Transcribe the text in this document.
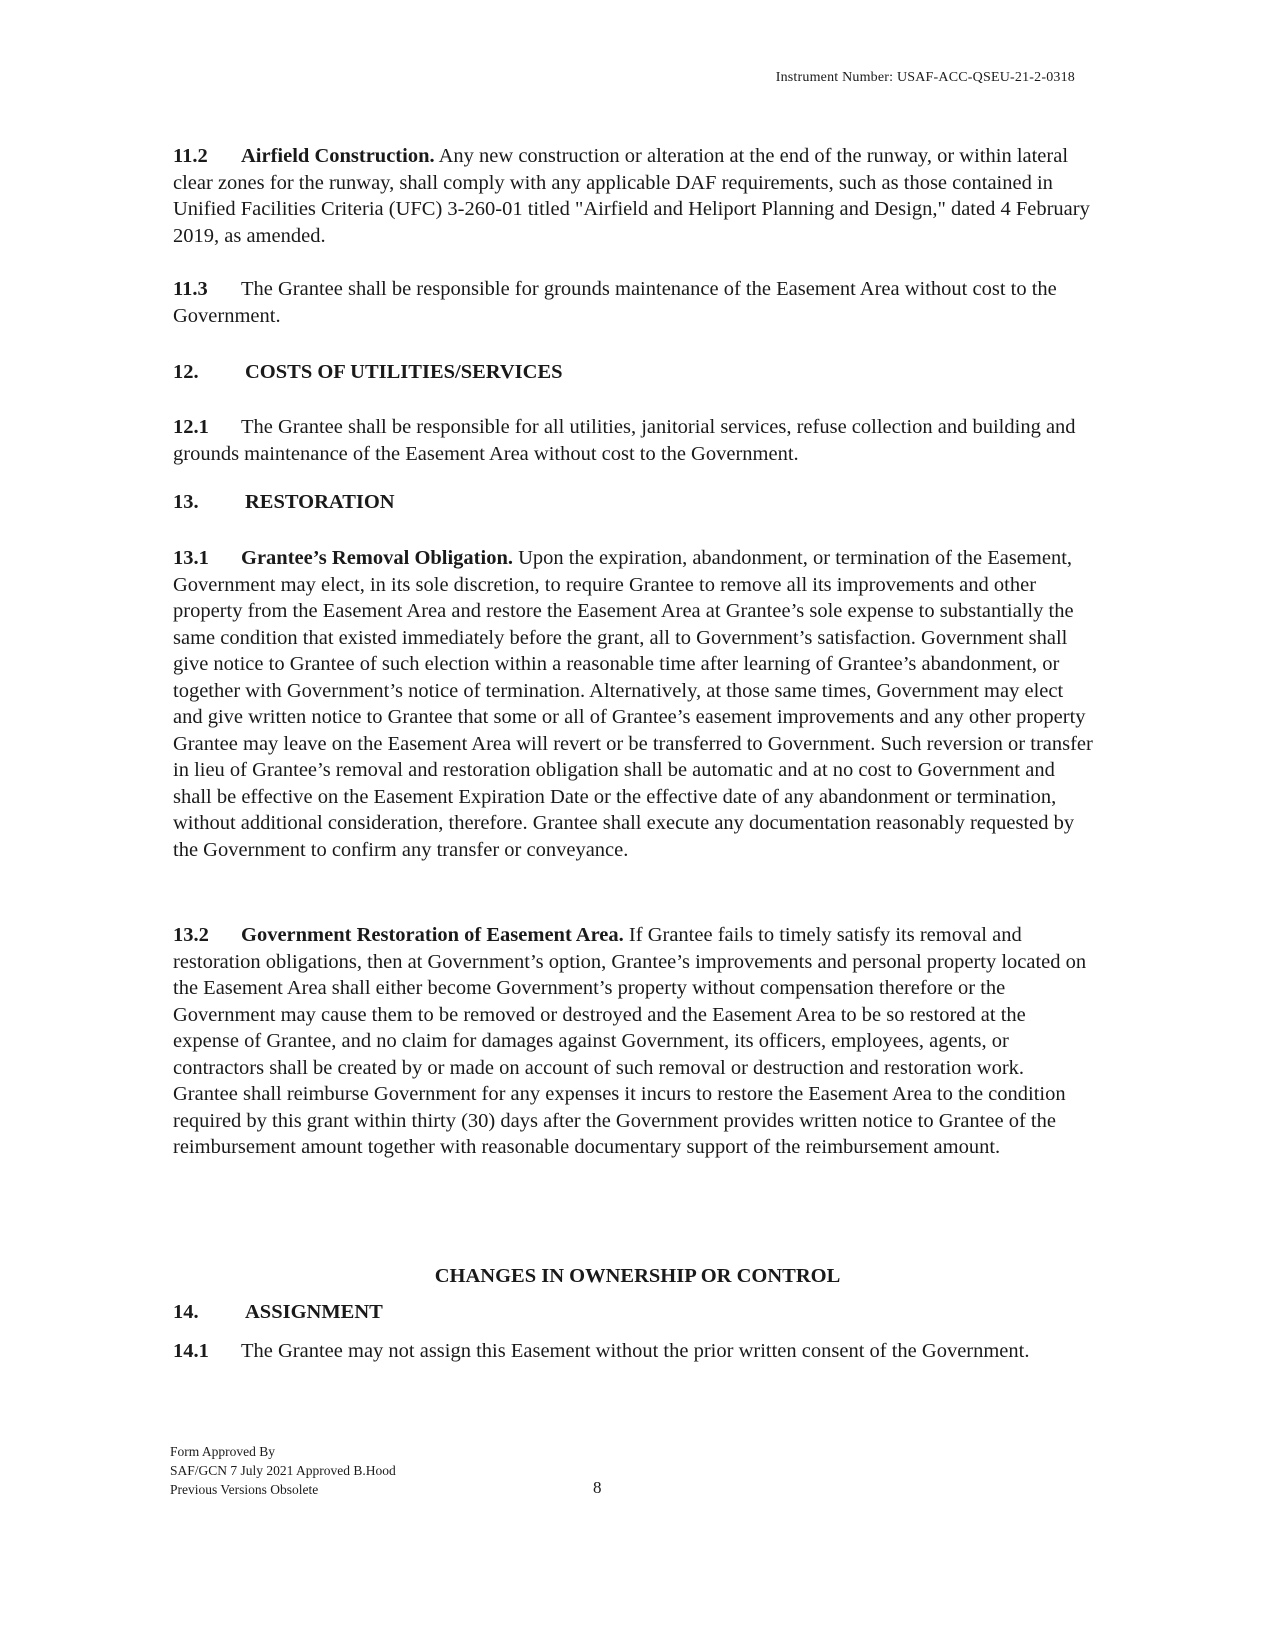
Instrument Number: USAF-ACC-QSEU-21-2-0318
11.2 Airfield Construction. Any new construction or alteration at the end of the runway, or within lateral clear zones for the runway, shall comply with any applicable DAF requirements, such as those contained in Unified Facilities Criteria (UFC) 3-260-01 titled "Airfield and Heliport Planning and Design," dated 4 February 2019, as amended.
11.3 The Grantee shall be responsible for grounds maintenance of the Easement Area without cost to the Government.
12. COSTS OF UTILITIES/SERVICES
12.1 The Grantee shall be responsible for all utilities, janitorial services, refuse collection and building and grounds maintenance of the Easement Area without cost to the Government.
13. RESTORATION
13.1 Grantee’s Removal Obligation. Upon the expiration, abandonment, or termination of the Easement, Government may elect, in its sole discretion, to require Grantee to remove all its improvements and other property from the Easement Area and restore the Easement Area at Grantee’s sole expense to substantially the same condition that existed immediately before the grant, all to Government’s satisfaction. Government shall give notice to Grantee of such election within a reasonable time after learning of Grantee’s abandonment, or together with Government’s notice of termination. Alternatively, at those same times, Government may elect and give written notice to Grantee that some or all of Grantee’s easement improvements and any other property Grantee may leave on the Easement Area will revert or be transferred to Government. Such reversion or transfer in lieu of Grantee’s removal and restoration obligation shall be automatic and at no cost to Government and shall be effective on the Easement Expiration Date or the effective date of any abandonment or termination, without additional consideration, therefore. Grantee shall execute any documentation reasonably requested by the Government to confirm any transfer or conveyance.
13.2 Government Restoration of Easement Area. If Grantee fails to timely satisfy its removal and restoration obligations, then at Government’s option, Grantee’s improvements and personal property located on the Easement Area shall either become Government’s property without compensation therefore or the Government may cause them to be removed or destroyed and the Easement Area to be so restored at the expense of Grantee, and no claim for damages against Government, its officers, employees, agents, or contractors shall be created by or made on account of such removal or destruction and restoration work. Grantee shall reimburse Government for any expenses it incurs to restore the Easement Area to the condition required by this grant within thirty (30) days after the Government provides written notice to Grantee of the reimbursement amount together with reasonable documentary support of the reimbursement amount.
CHANGES IN OWNERSHIP OR CONTROL
14. ASSIGNMENT
14.1 The Grantee may not assign this Easement without the prior written consent of the Government.
Form Approved By
SAF/GCN 7 July 2021 Approved B.Hood
Previous Versions Obsolete	8
